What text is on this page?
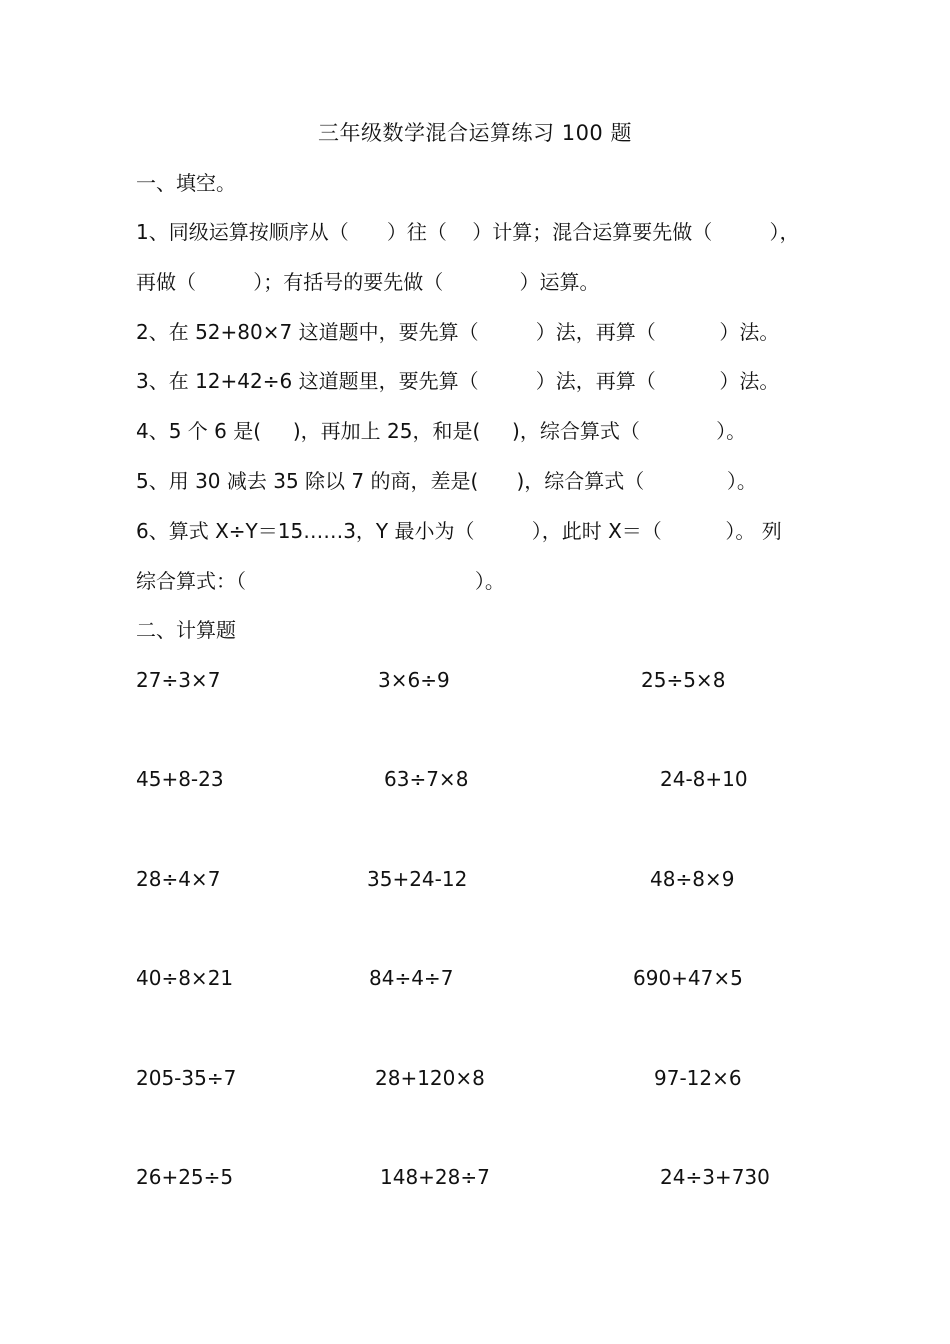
三年级数学混合运算练习 100 题
一、填空。
1、同级运算按顺序从（      ）往（    ）计算；混合运算要先做（         ），
再做（         ）；有括号的要先做（            ）运算。
2、在 52+80×7 这道题中，要先算（         ）法，再算（          ）法。
3、在 12+42÷6 这道题里，要先算（         ）法，再算（          ）法。
4、5 个 6 是(     )，再加上 25，和是(     )，综合算式（            ）。
5、用 30 减去 35 除以 7 的商，差是(      )，综合算式（             ）。
6、算式 X÷Y＝15……3，Y 最小为（         ），此时 X＝（          ）。 列
综合算式：（                                    ）。
二、计算题
27÷3×7	3×6÷9	25÷5×8
45+8-23	63÷7×8	24-8+10
28÷4×7	35+24-12	48÷8×9
40÷8×21	84÷4÷7	690+47×5
205-35÷7	28+120×8	97-12×6
26+25÷5	148+28÷7	24÷3+730
